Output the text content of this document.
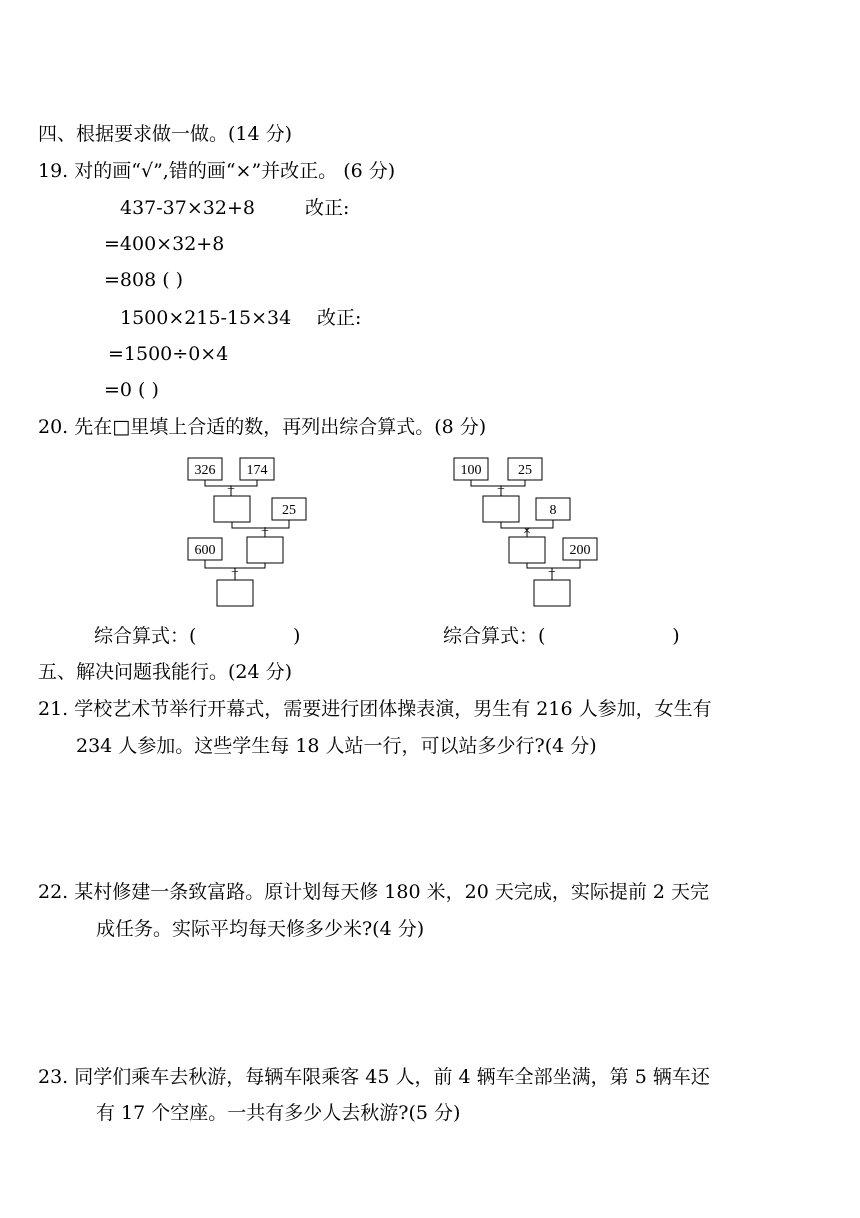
四、根据要求做一做。(14 分)
19. 对的画“√”,错的画“×”并改正。 (6 分)
437-37×32+8	改正:
=400×32+8
=808 ( )
1500×215-15×34 改正:
=1500÷0×4
=0 ( )
20. 先在□里填上合适的数，再列出综合算式。(8 分)
326 174
+
25
÷
600
÷
100	25
+
8
×
200
−
综合算式：(                )	综合算式：(                     )
五、解决问题我能行。(24 分)
21. 学校艺术节举行开幕式，需要进行团体操表演，男生有 216 人参加，女生有
234 人参加。这些学生每 18 人站一行，可以站多少行?(4 分)
22. 某村修建一条致富路。原计划每天修 180 米，20 天完成，实际提前 2 天完
成任务。实际平均每天修多少米?(4 分)
23. 同学们乘车去秋游，每辆车限乘客 45 人，前 4 辆车全部坐满，第 5 辆车还
有 17 个空座。一共有多少人去秋游?(5 分)
